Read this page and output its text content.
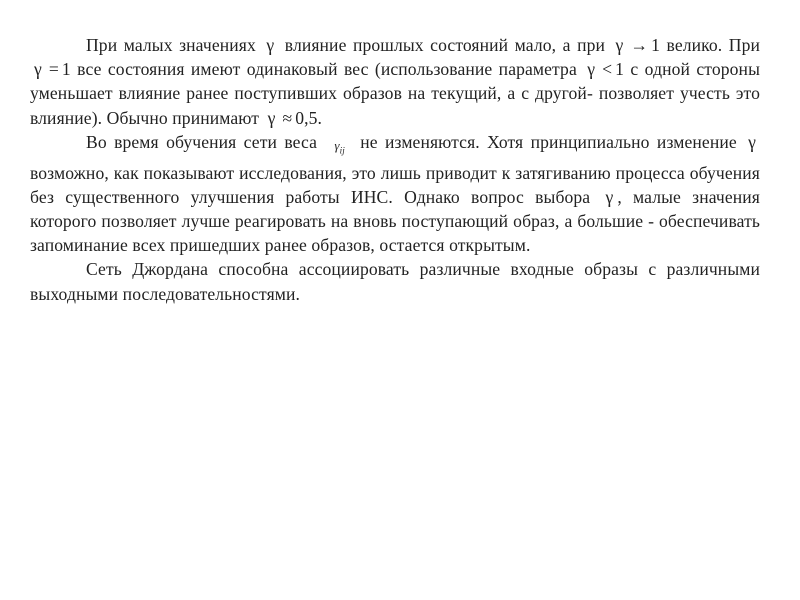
При малых значениях γ влияние прошлых состояний мало, а при γ → 1 велико. При γ = 1 все состояния имеют одинаковый вес (использование параметра γ < 1 с одной стороны уменьшает влияние ранее поступивших образов на текущий, а с другой- позволяет учесть это влияние). Обычно принимают γ ≈ 0,5.

Во время обучения сети веса $\gamma_{ij}$ не изменяются. Хотя принципиально изменение γ возможно, как показывают исследования, это лишь приводит к затягиванию процесса обучения без существенного улучшения работы ИНС. Однако вопрос выбора γ , малые значения которого позволяет лучше реагировать на вновь поступающий образ, а большие - обеспечивать запоминание всех пришедших ранее образов, остается открытым.

Сеть Джордана способна ассоциировать различные входные образы с различными выходными последовательностями.
